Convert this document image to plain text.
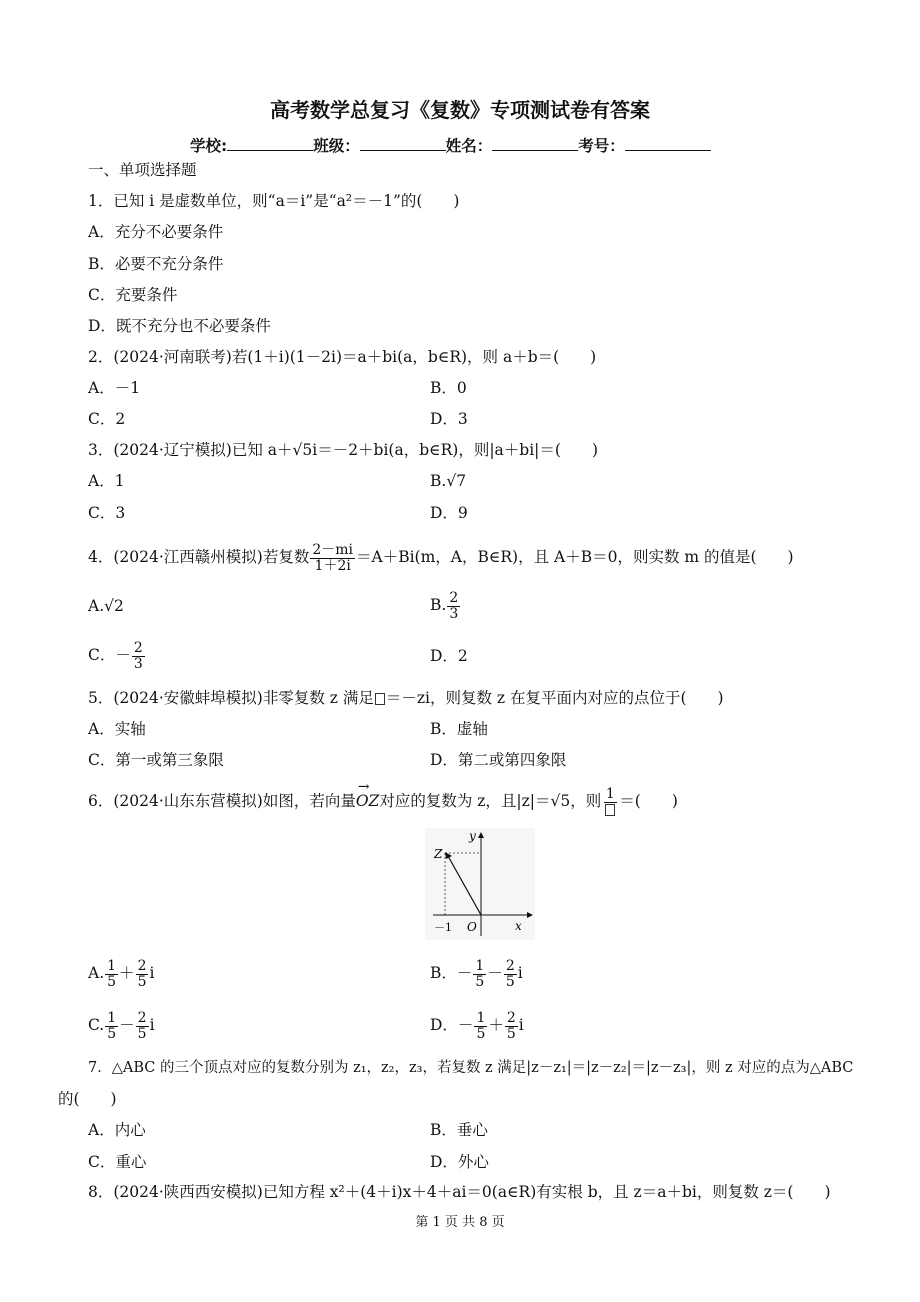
高考数学总复习《复数》专项测试卷有答案
学校:	班级：	姓名：	考号：
一、单项选择题
1．已知 i 是虚数单位，则“a＝i”是“a²＝－1”的(　　)
A．充分不必要条件
B．必要不充分条件
C．充要条件
D．既不充分也不必要条件
2．(2024·河南联考)若(1＋i)(1－2i)＝a＋bi(a，b∈R)，则 a＋b＝(　　)
A．－1	B．0
C．2	D．3
3．(2024·辽宁模拟)已知 a＋√5i＝－2＋bi(a，b∈R)，则|a＋bi|＝(　　)
A．1	B.√7
C．3	D．9
4．(2024·江西赣州模拟)若复数 $\frac{2-mi}{1+2i} =A+Bi(m$，A，B∈R)，且 A＋B＝0，则实数 m 的值是(　　)
A.√2	B. $\frac{2}{3}$
C．－ $\frac{2}{3}$	D．2
5．(2024·安徽蚌埠模拟)非零复数 z 满足 ＝－zi，则复数 z 在复平面内对应的点位于(　　)
A．实轴	B．虚轴
C．第一或第三象限	D．第二或第四象限
6．(2024·山东东营模拟)如图，若向量
→
OZ对应的复数为 z，且|z|＝√5，则 1 ＝(　　)
y
x
Z
O
－1
A. $\frac{1}{5} + \frac{2}{5}$ i	B．－ $\frac{1}{5} - \frac{2}{5}$ i
C. $\frac{1}{5} - \frac{2}{5}$ i	D．－ $\frac{1}{5} + \frac{2}{5}$ i
7．△ABC 的三个顶点对应的复数分别为 z₁，z₂，z₃，若复数 z 满足|z－z₁|＝|z－z₂|＝|z－z₃|，则 z 对应的点为△ABC
的(　　)
A．内心	B．垂心
C．重心	D．外心
8．(2024·陕西西安模拟)已知方程 x²＋(4＋i)x＋4＋ai＝0(a∈R)有实根 b，且 z＝a＋bi，则复数 z＝(　　)
第 1 页 共 8 页
